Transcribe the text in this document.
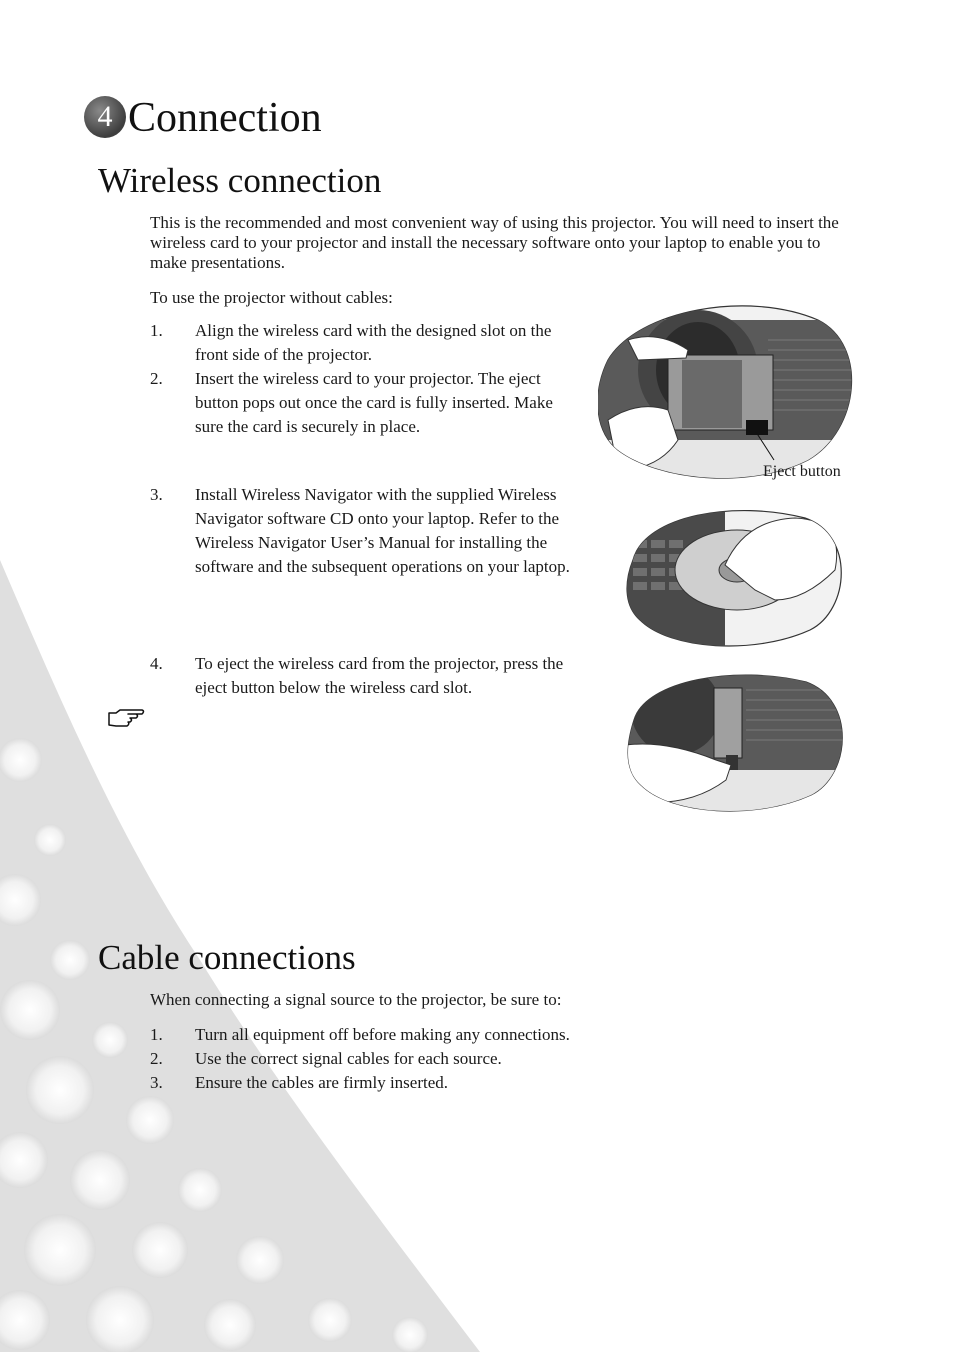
4 Connection
Wireless connection
This is the recommended and most convenient way of using this projector. You will need to insert the wireless card to your projector and install the necessary software onto your laptop to enable you to make presentations.
To use the projector without cables:
1. Align the wireless card with the designed slot on the front side of the projector.
2. Insert the wireless card to your projector. The eject button pops out once the card is fully inserted. Make sure the card is securely in place.
3. Install Wireless Navigator with the supplied Wireless Navigator software CD onto your laptop. Refer to the Wireless Navigator User’s Manual for installing the software and the subsequent operations on your laptop.
4. To eject the wireless card from the projector, press the eject button below the wireless card slot.
Eject button
Cable connections
When connecting a signal source to the projector, be sure to:
1. Turn all equipment off before making any connections.
2. Use the correct signal cables for each source.
3. Ensure the cables are firmly inserted.
